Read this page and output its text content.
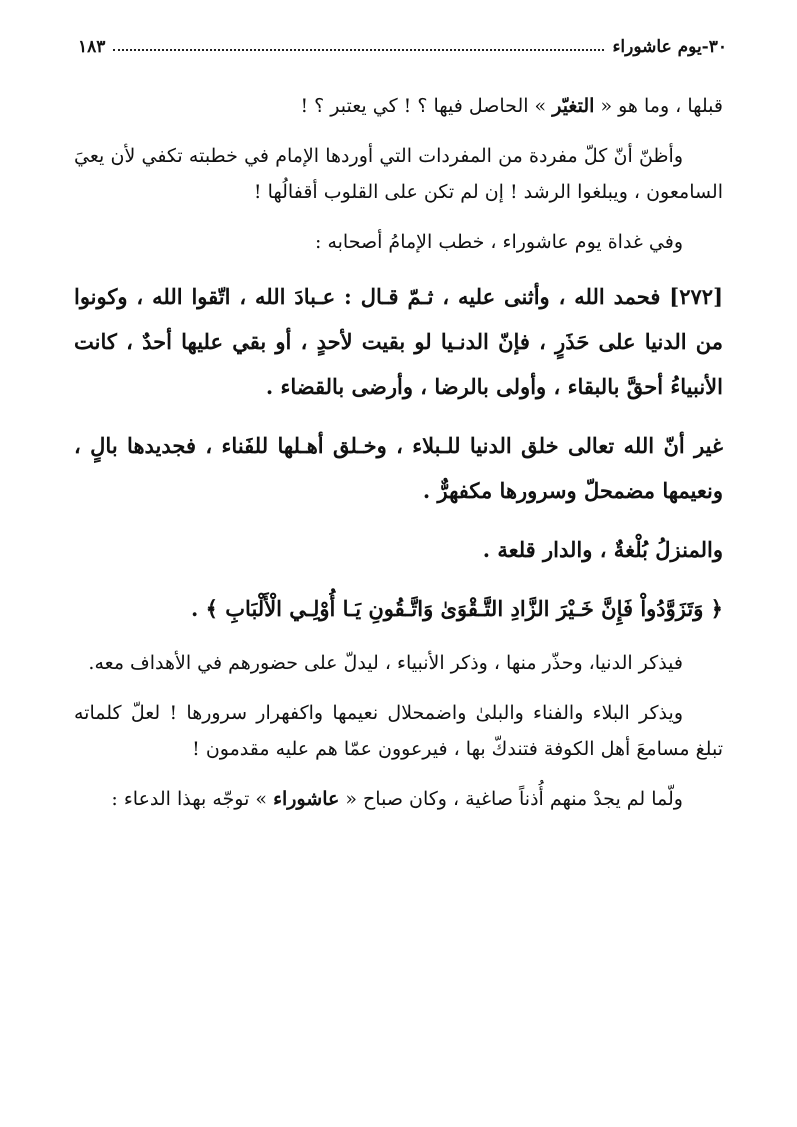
٣٠-يوم عاشوراء
١٨٣

قبلها ، وما هو « التغيّر » الحاصل فيها ؟ ! كي يعتبر ؟ !

وأظنّ أنّ كلّ مفردة من المفردات التي أوردها الإمام في خطبته تكفي لأن يعيَ السامعون ، ويبلغوا الرشد ! إن لم تكن على القلوب أقفالُها !

وفي غداة يوم عاشوراء ، خطب الإمامُ أصحابه :

[٢٧٢] فحمد الله ، وأثنى عليه ، ثـمّ قـال : عـبادَ الله ، اتّقوا الله ، وكونوا من الدنيا على حَذَرٍ ، فإنّ الدنـيا لو بقيت لأحدٍ ، أو بقي عليها أحدٌ ، كانت الأنبياءُ أحقَّ بالبقاء ، وأولى بالرضا ، وأرضى بالقضاء .

غير أنّ الله تعالى خلق الدنيا للـبلاء ، وخـلق أهـلها للفَناء ، فجديدها بالٍ ، ونعيمها مضمحلّ وسرورها مكفهرٌّ .

والمنزلُ بُلْغةٌ ، والدار قلعة .

﴿ وَتَزَوَّدُواْ فَإِنَّ خَـيْرَ الزَّادِ التَّـقْوَىٰ وَاتَّـقُونِ يَـا أُوْلِـي الْأَلْبَابِ ﴾ .

فيذكر الدنيا، وحذّر منها ، وذكر الأنبياء ، ليدلّ على حضورهم في الأهداف معه.

ويذكر البلاء والفناء والبلىٰ واضمحلال نعيمها واكفهرار سرورها ! لعلّ كلماته تبلغ مسامعَ أهل الكوفة فتندكّ بها ، فيرعوون عمّا هم عليه مقدمون !

ولّما لم يجدْ منهم أُذناً صاغية ، وكان صباح « عاشوراء » توجّه بهذا الدعاء :
